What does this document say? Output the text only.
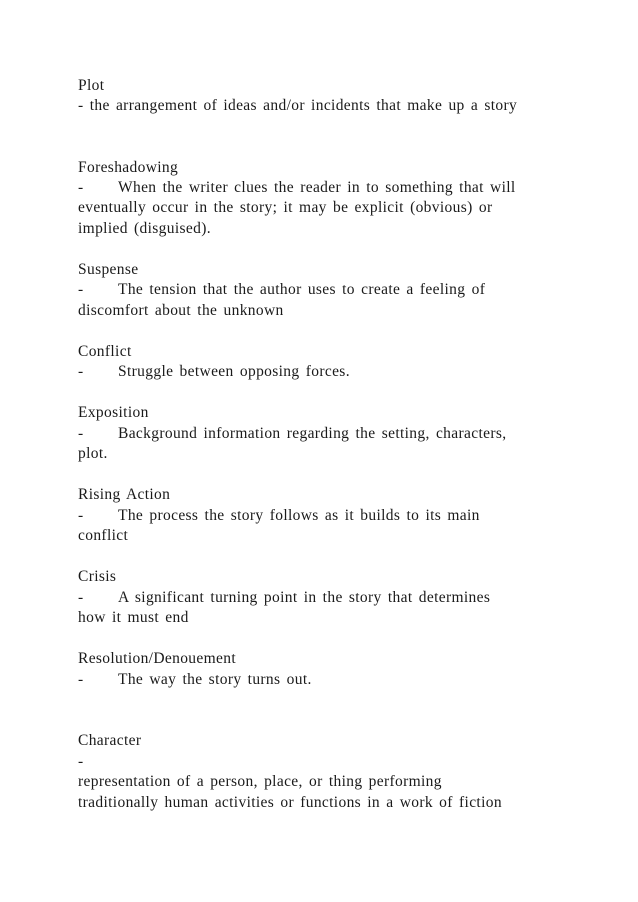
Plot
- the arrangement of ideas and/or incidents that make up a story
Foreshadowing
- When the writer clues the reader in to something that will
eventually occur in the story; it may be explicit (obvious) or
implied (disguised).
Suspense
- The tension that the author uses to create a feeling of
discomfort about the unknown
Conflict
- Struggle between opposing forces.
Exposition
- Background information regarding the setting, characters,
plot.
Rising Action
- The process the story follows as it builds to its main
conflict
Crisis
- A significant turning point in the story that determines
how it must end
Resolution/Denouement
- The way the story turns out.
Character
-
representation of a person, place, or thing performing
traditionally human activities or functions in a work of fiction
